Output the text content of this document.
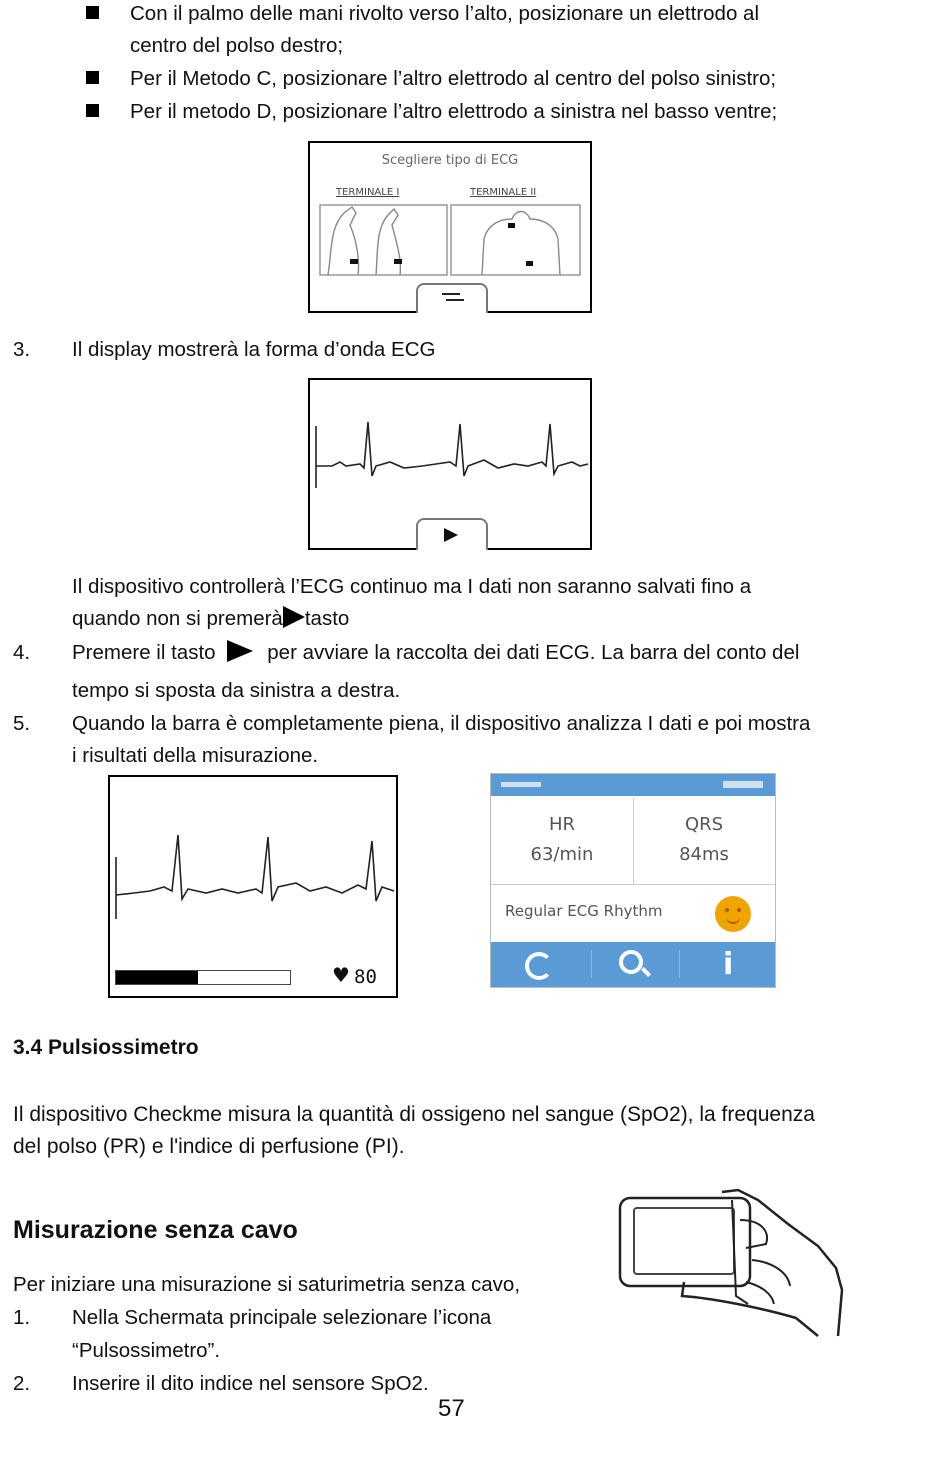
Con il palmo delle mani rivolto verso l’alto, posizionare un elettrodo al
centro del polso destro;
Per il Metodo C, posizionare l’altro elettrodo al centro del polso sinistro;
Per il metodo D, posizionare l’altro elettrodo a sinistra nel basso ventre;
Scegliere tipo di ECG
TERMINALE I	TERMINALE II
3. Il display mostrerà la forma d’onda ECG
Il dispositivo controllerà l’ECG continuo ma I dati non saranno salvati fino a
quando non si premerà tasto
4. Premere il tasto	per avviare la raccolta dei dati ECG. La barra del conto del
tempo si sposta da sinistra a destra.
5. Quando la barra è completamente piena, il dispositivo analizza I dati e poi mostra
i risultati della misurazione.
♥ 80
HR
63/min
QRS
84ms
Regular ECG Rhythm
i
3.4 Pulsiossimetro
Il dispositivo Checkme misura la quantità di ossigeno nel sangue (SpO2), la frequenza
del polso (PR) e l'indice di perfusione (PI).
Misurazione senza cavo
Per iniziare una misurazione si saturimetria senza cavo,
1. Nella Schermata principale selezionare l’icona
“Pulsossimetro”.
2. Inserire il dito indice nel sensore SpO2.
57
